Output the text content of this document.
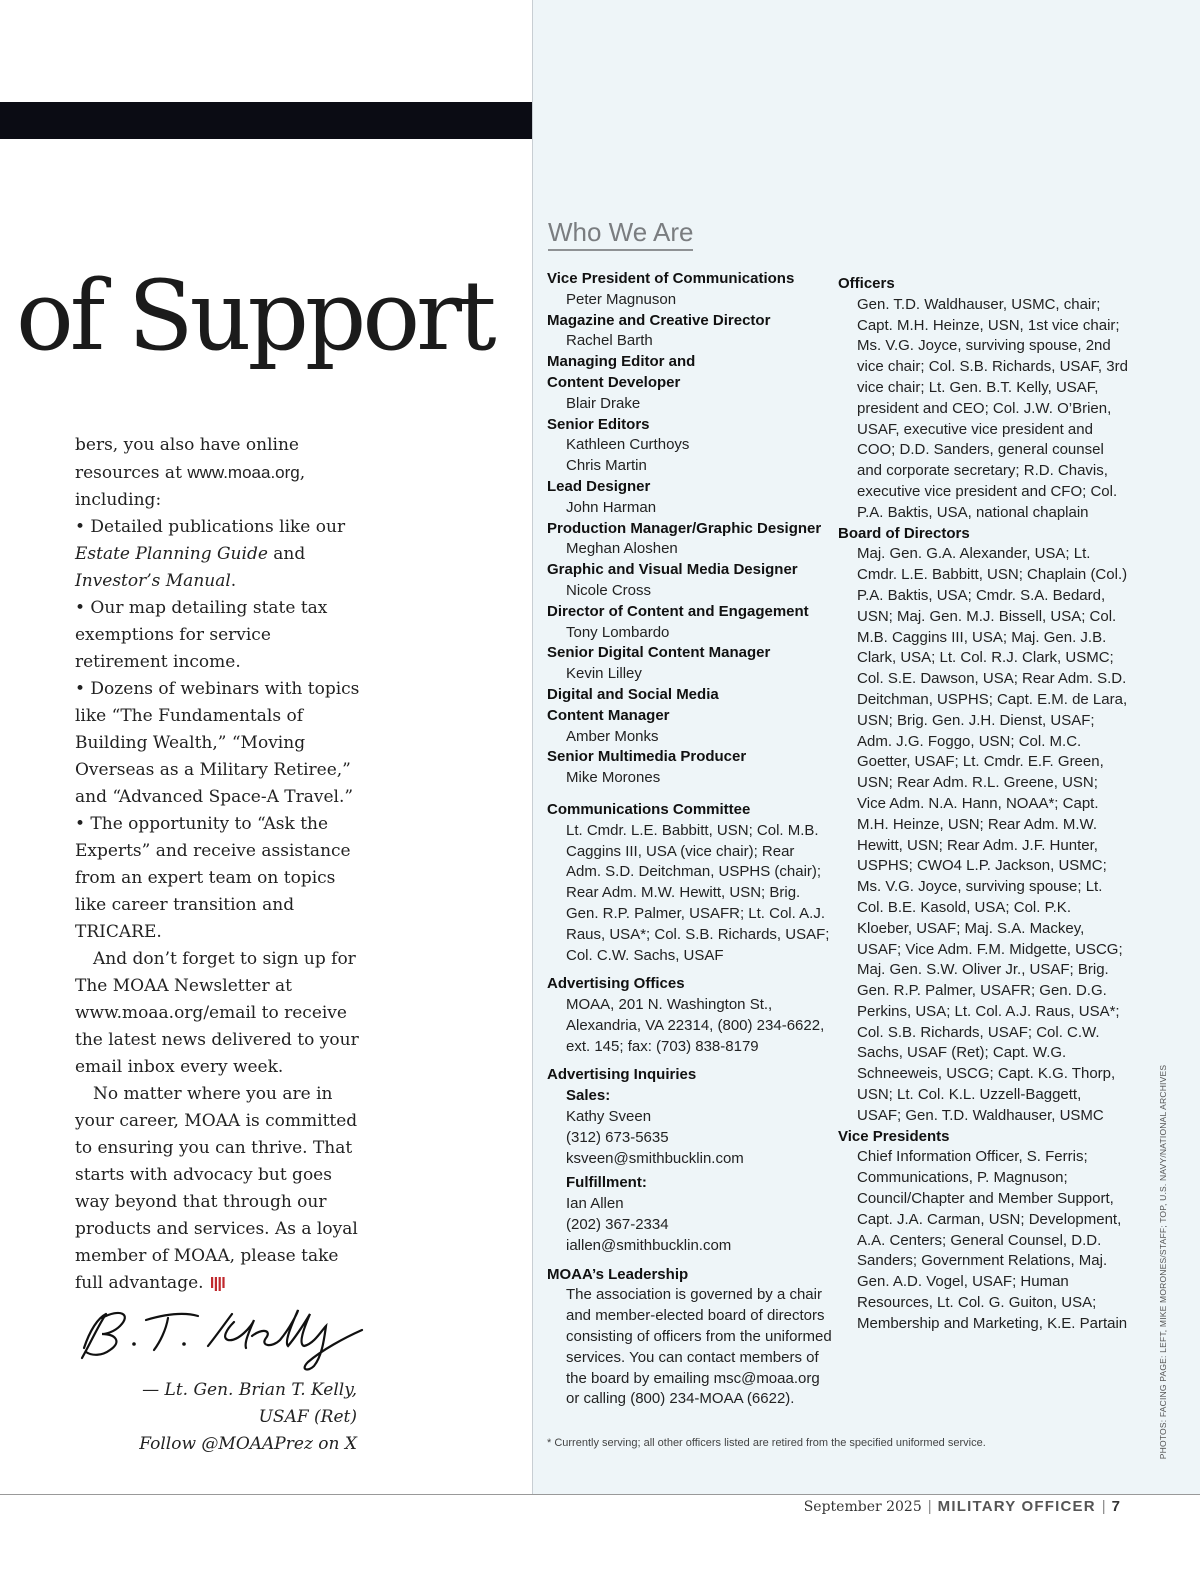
of Support

bers, you also have online resources at www.moaa.org, including:

• Detailed publications like our Estate Planning Guide and Investor’s Manual.

• Our map detailing state tax exemptions for service retirement income.

• Dozens of webinars with topics like “The Fundamentals of Building Wealth,” “Moving Overseas as a Military Retiree,” and “Advanced Space-A Travel.”

• The opportunity to “Ask the Experts” and receive assistance from an expert team on topics like career transition and TRICARE.

And don’t forget to sign up for The MOAA Newsletter at www.moaa.org/email to receive the latest news delivered to your email inbox every week.

No matter where you are in your career, MOAA is committed to ensuring you can thrive. That starts with advocacy but goes way beyond that through our products and services. As a loyal member of MOAA, please take full advantage.

— Lt. Gen. Brian T. Kelly,
USAF (Ret)
Follow @MOAAPrez on X
Who We Are
Vice President of Communications
Peter Magnuson
Magazine and Creative Director
Rachel Barth
Managing Editor and Content Developer
Blair Drake
Senior Editors
Kathleen Curthoys
Chris Martin
Lead Designer
John Harman
Production Manager/Graphic Designer
Meghan Aloshen
Graphic and Visual Media Designer
Nicole Cross
Director of Content and Engagement
Tony Lombardo
Senior Digital Content Manager
Kevin Lilley
Digital and Social Media Content Manager
Amber Monks
Senior Multimedia Producer
Mike Morones
Communications Committee
Lt. Cmdr. L.E. Babbitt, USN; Col. M.B. Caggins III, USA (vice chair); Rear Adm. S.D. Deitchman, USPHS (chair); Rear Adm. M.W. Hewitt, USN; Brig. Gen. R.P. Palmer, USAFR; Lt. Col. A.J. Raus, USA*; Col. S.B. Richards, USAF; Col. C.W. Sachs, USAF
Advertising Offices
MOAA, 201 N. Washington St., Alexandria, VA 22314, (800) 234-6622, ext. 145; fax: (703) 838-8179
Advertising Inquiries
Sales:
Kathy Sveen
(312) 673-5635
ksveen@smithbucklin.com
Fulfillment:
Ian Allen
(202) 367-2334
iallen@smithbucklin.com
MOAA’s Leadership
The association is governed by a chair and member-elected board of directors consisting of officers from the uniformed services. You can contact members of the board by emailing msc@moaa.org or calling (800) 234-MOAA (6622).
Officers
Gen. T.D. Waldhauser, USMC, chair; Capt. M.H. Heinze, USN, 1st vice chair; Ms. V.G. Joyce, surviving spouse, 2nd vice chair; Col. S.B. Richards, USAF, 3rd vice chair; Lt. Gen. B.T. Kelly, USAF, president and CEO; Col. J.W. O’Brien, USAF, executive vice president and COO; D.D. Sanders, general counsel and corporate secretary; R.D. Chavis, executive vice president and CFO; Col. P.A. Baktis, USA, national chaplain
Board of Directors
Maj. Gen. G.A. Alexander, USA; Lt. Cmdr. L.E. Babbitt, USN; Chaplain (Col.) P.A. Baktis, USA; Cmdr. S.A. Bedard, USN; Maj. Gen. M.J. Bissell, USA; Col. M.B. Caggins III, USA; Maj. Gen. J.B. Clark, USA; Lt. Col. R.J. Clark, USMC; Col. S.E. Dawson, USA; Rear Adm. S.D. Deitchman, USPHS; Capt. E.M. de Lara, USN; Brig. Gen. J.H. Dienst, USAF; Adm. J.G. Foggo, USN; Col. M.C. Goetter, USAF; Lt. Cmdr. E.F. Green, USN; Rear Adm. R.L. Greene, USN; Vice Adm. N.A. Hann, NOAA*; Capt. M.H. Heinze, USN; Rear Adm. M.W. Hewitt, USN; Rear Adm. J.F. Hunter, USPHS; CWO4 L.P. Jackson, USMC; Ms. V.G. Joyce, surviving spouse; Lt. Col. B.E. Kasold, USA; Col. P.K. Kloeber, USAF; Maj. S.A. Mackey, USAF; Vice Adm. F.M. Midgette, USCG; Maj. Gen. S.W. Oliver Jr., USAF; Brig. Gen. R.P. Palmer, USAFR; Gen. D.G. Perkins, USA; Lt. Col. A.J. Raus, USA*; Col. S.B. Richards, USAF; Col. C.W. Sachs, USAF (Ret); Capt. W.G. Schneeweis, USCG; Capt. K.G. Thorp, USN; Lt. Col. K.L. Uzzell-Baggett, USAF; Gen. T.D. Waldhauser, USMC
Vice Presidents
Chief Information Officer, S. Ferris; Communications, P. Magnuson; Council/Chapter and Member Support, Capt. J.A. Carman, USN; Development, A.A. Centers; General Counsel, D.D. Sanders; Government Relations, Maj. Gen. A.D. Vogel, USAF; Human Resources, Lt. Col. G. Guiton, USA; Membership and Marketing, K.E. Partain
* Currently serving; all other officers listed are retired from the specified uniformed service.	PHOTOS: FACING PAGE: LEFT, MIKE MORONES/STAFF; TOP, U.S. NAVY/NATIONAL ARCHIVES
September 2025 | MILITARY OFFICER | 7
